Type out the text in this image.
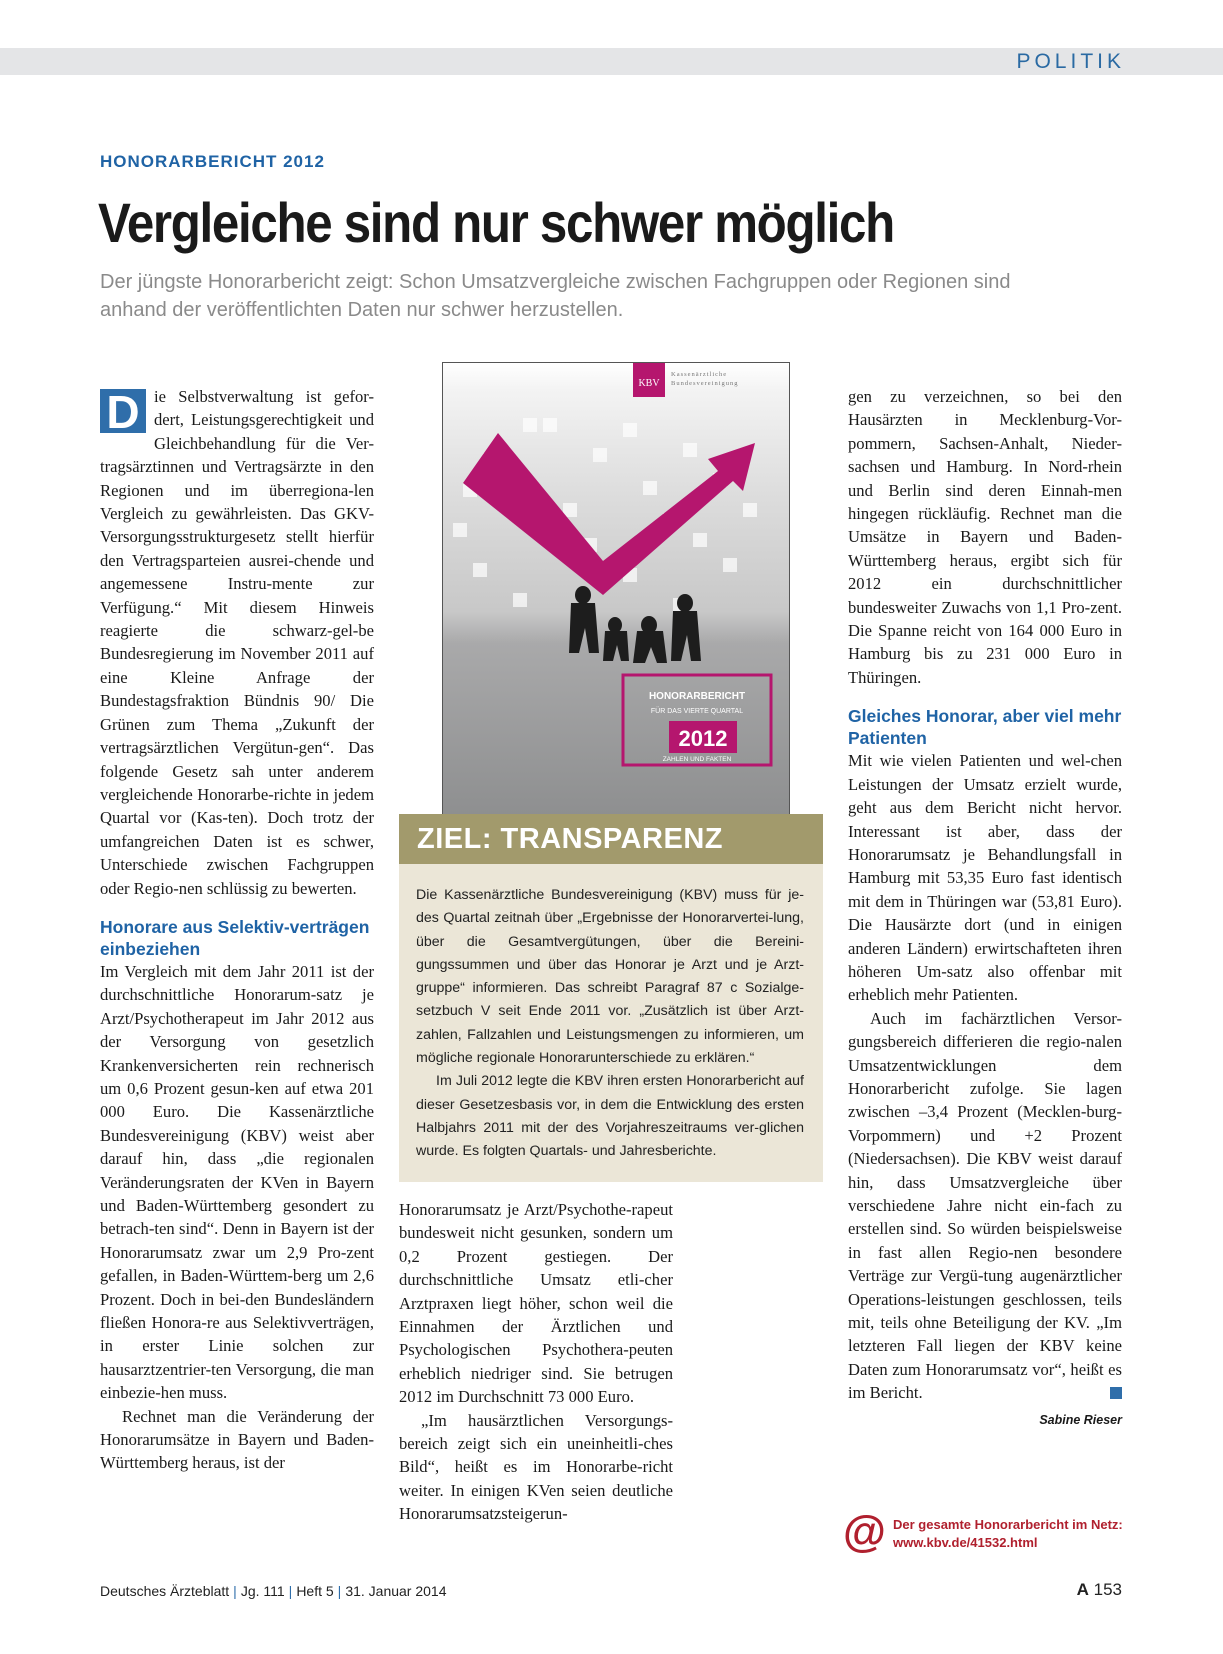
POLITIK
HONORARBERICHT 2012
Vergleiche sind nur schwer möglich
Der jüngste Honorarbericht zeigt: Schon Umsatzvergleiche zwischen Fachgruppen oder Regionen sind anhand der veröffentlichten Daten nur schwer herzustellen.

D ie Selbstverwaltung ist gefor-dert, Leistungsgerechtigkeit und Gleichbehandlung für die Ver-tragsärztinnen und Vertragsärzte in den Regionen und im überregiona-len Vergleich zu gewährleisten. Das GKV-Versorgungsstrukturgesetz stellt hierfür den Vertragsparteien ausrei-chende und angemessene Instru-mente zur Verfügung.“ Mit diesem Hinweis reagierte die schwarz-gel-be Bundesregierung im November 2011 auf eine Kleine Anfrage der Bundestagsfraktion Bündnis 90/ Die Grünen zum Thema „Zukunft der vertragsärztlichen Vergütun-gen“. Das folgende Gesetz sah unter anderem vergleichende Honorarbe-richte in jedem Quartal vor (Kas-ten). Doch trotz der umfangreichen Daten ist es schwer, Unterschiede zwischen Fachgruppen oder Regio-nen schlüssig zu bewerten.

Honorare aus Selektiv-verträgen einbeziehen

Im Vergleich mit dem Jahr 2011 ist der durchschnittliche Honorarum-satz je Arzt/Psychotherapeut im Jahr 2012 aus der Versorgung von gesetzlich Krankenversicherten rein rechnerisch um 0,6 Prozent gesun-ken auf etwa 201 000 Euro. Die Kassenärztliche Bundesvereinigung (KBV) weist aber darauf hin, dass „die regionalen Veränderungsraten der KVen in Bayern und Baden-Württemberg gesondert zu betrach-ten sind“. Denn in Bayern ist der Honorarumsatz zwar um 2,9 Pro-zent gefallen, in Baden-Württem-berg um 2,6 Prozent. Doch in bei-den Bundesländern fließen Honora-re aus Selektivverträgen, in erster Linie solchen zur hausarztzentrier-ten Versorgung, die man einbezie-hen muss.

Rechnet man die Veränderung der Honorarumsätze in Bayern und Baden-Württemberg heraus, ist der

KBV
Kassenärztliche
Bundesvereinigung
HONORARBERICHT
FÜR DAS VIERTE QUARTAL
2012
ZAHLEN UND FAKTEN
ZIEL: TRANSPARENZ

Die Kassenärztliche Bundesvereinigung (KBV) muss für je-des Quartal zeitnah über „Ergebnisse der Honorarvertei-lung, über die Gesamtvergütungen, über die Bereini-gungssummen und über das Honorar je Arzt und je Arzt-gruppe“ informieren. Das schreibt Paragraf 87 c Sozialge-setzbuch V seit Ende 2011 vor. „Zusätzlich ist über Arzt-zahlen, Fallzahlen und Leistungsmengen zu informieren, um mögliche regionale Honorarunterschiede zu erklären.“

Im Juli 2012 legte die KBV ihren ersten Honorarbericht auf dieser Gesetzesbasis vor, in dem die Entwicklung des ersten Halbjahrs 2011 mit der des Vorjahreszeitraums ver-glichen wurde. Es folgten Quartals- und Jahresberichte.

Honorarumsatz je Arzt/Psychothe-rapeut bundesweit nicht gesunken, sondern um 0,2 Prozent gestiegen. Der durchschnittliche Umsatz etli-cher Arztpraxen liegt höher, schon weil die Einnahmen der Ärztlichen und Psychologischen Psychothera-peuten erheblich niedriger sind. Sie betrugen 2012 im Durchschnitt 73 000 Euro.

„Im hausärztlichen Versorgungs-bereich zeigt sich ein uneinheitli-ches Bild“, heißt es im Honorarbe-richt weiter. In einigen KVen seien deutliche Honorarumsatzsteigerun-

gen zu verzeichnen, so bei den Hausärzten in Mecklenburg-Vor-pommern, Sachsen-Anhalt, Nieder-sachsen und Hamburg. In Nord-rhein und Berlin sind deren Einnah-men hingegen rückläufig. Rechnet man die Umsätze in Bayern und Baden-Württemberg heraus, ergibt sich für 2012 ein durchschnittlicher bundesweiter Zuwachs von 1,1 Pro-zent. Die Spanne reicht von 164 000 Euro in Hamburg bis zu 231 000 Euro in Thüringen.

Gleiches Honorar, aber viel mehr Patienten

Mit wie vielen Patienten und wel-chen Leistungen der Umsatz erzielt wurde, geht aus dem Bericht nicht hervor. Interessant ist aber, dass der Honorarumsatz je Behandlungsfall in Hamburg mit 53,35 Euro fast identisch mit dem in Thüringen war (53,81 Euro). Die Hausärzte dort (und in einigen anderen Ländern) erwirtschafteten ihren höheren Um-satz also offenbar mit erheblich mehr Patienten.

Auch im fachärztlichen Versor-gungsbereich differieren die regio-nalen Umsatzentwicklungen dem Honorarbericht zufolge. Sie lagen zwischen –3,4 Prozent (Mecklen-burg-Vorpommern) und +2 Prozent (Niedersachsen). Die KBV weist darauf hin, dass Umsatzvergleiche über verschiedene Jahre nicht ein-fach zu erstellen sind. So würden beispielsweise in fast allen Regio-nen besondere Verträge zur Vergü-tung augenärztlicher Operations-leistungen geschlossen, teils mit, teils ohne Beteiligung der KV. „Im letzteren Fall liegen der KBV keine Daten zum Honorarumsatz vor“, heißt es im Bericht.

Sabine Rieser
@ Der gesamte Honorarbericht im Netz:
www.kbv.de/41532.html
Deutsches Ärzteblatt | Jg. 111 | Heft 5 | 31. Januar 2014	A 153
